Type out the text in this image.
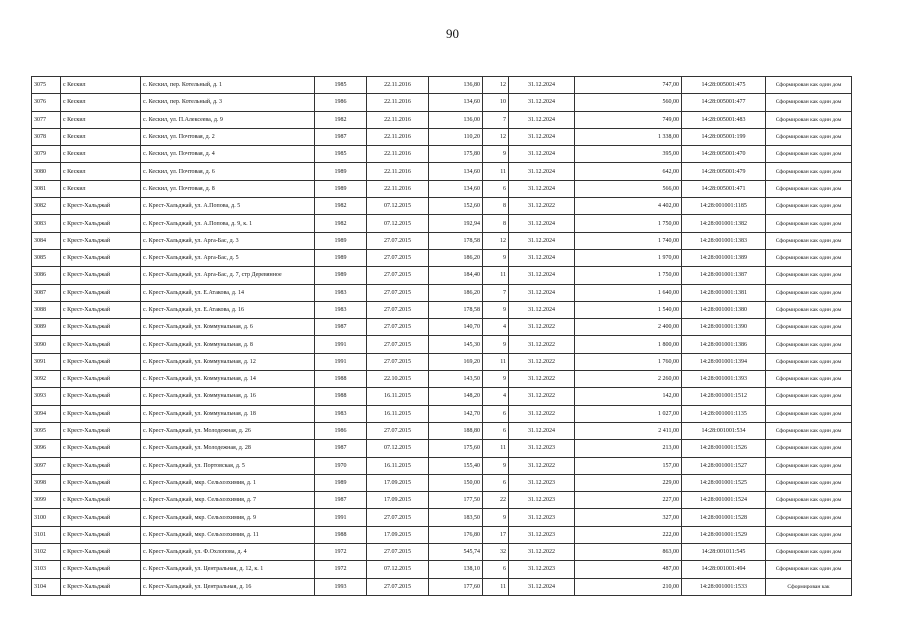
90
3075	с Кескил	с. Кескил, пер. Котельный, д. 1	1985	22.11.2016	136,80	12	31.12.2024	747,00	14:28:005001:475	Сформирован как один дом
3076	с Кескил	с. Кескил, пер. Котельный, д. 3	1986	22.11.2016	134,60	10	31.12.2024	560,00	14:28:005001:477	Сформирован как один дом
3077	с Кескил	с. Кескил, ул. П.Алексеева, д. 9	1982	22.11.2016	136,00	7	31.12.2024	749,00	14:28:005001:483	Сформирован как один дом
3078	с Кескил	с. Кескил, ул. Почтовая, д. 2	1987	22.11.2016	110,20	12	31.12.2024	1 338,00	14:28:005001:199	Сформирован как один дом
3079	с Кескил	с. Кескил, ул. Почтовая, д. 4	1985	22.11.2016	175,80	9	31.12.2024	395,00	14:28:005001:470	Сформирован как один дом
3080	с Кескил	с. Кескил, ул. Почтовая, д. 6	1989	22.11.2016	134,60	11	31.12.2024	642,00	14:28:005001:479	Сформирован как один дом
3081	с Кескил	с. Кескил, ул. Почтовая, д. 8	1989	22.11.2016	134,60	6	31.12.2024	566,00	14:28:005001:471	Сформирован как один дом
3082	с Крест-Хальджай	с. Крест-Хальджай, ул. А.Попова, д. 5	1982	07.12.2015	152,60	8	31.12.2022	4 402,00	14:28:001001:1185	Сформирован как один дом
3083	с Крест-Хальджай	с. Крест-Хальджай, ул. А.Попова, д. 9, к. 1	1982	07.12.2015	192,94	8	31.12.2024	1 750,00	14:28:001001:1382	Сформирован как один дом
3084	с Крест-Хальджай	с. Крест-Хальджай, ул. Арга-Бас, д. 3	1989	27.07.2015	178,58	12	31.12.2024	1 740,00	14:28:001001:1383	Сформирован как один дом
3085	с Крест-Хальджай	с. Крест-Хальджай, ул. Арга-Бас, д. 5	1989	27.07.2015	186,20	9	31.12.2024	1 970,00	14:28:001001:1389	Сформирован как один дом
3086	с Крест-Хальджай	с. Крест-Хальджай, ул. Арга-Бас, д. 7, стр Деревянное	1989	27.07.2015	184,40	11	31.12.2024	1 750,00	14:28:001001:1387	Сформирован как один дом
3087	с Крест-Хальджай	с. Крест-Хальджай, ул. Е.Атакова, д. 14	1983	27.07.2015	186,20	7	31.12.2024	1 640,00	14:28:001001:1381	Сформирован как один дом
3088	с Крест-Хальджай	с. Крест-Хальджай, ул. Е.Атакова, д. 16	1983	27.07.2015	178,58	9	31.12.2024	1 540,00	14:28:001001:1380	Сформирован как один дом
3089	с Крест-Хальджай	с. Крест-Хальджай, ул. Коммунальная, д. 6	1987	27.07.2015	140,70	4	31.12.2022	2 400,00	14:28:001001:1390	Сформирован как один дом
3090	с Крест-Хальджай	с. Крест-Хальджай, ул. Коммунальная, д. 8	1991	27.07.2015	145,30	9	31.12.2022	1 800,00	14:28:001001:1386	Сформирован как один дом
3091	с Крест-Хальджай	с. Крест-Хальджай, ул. Коммунальная, д. 12	1991	27.07.2015	169,20	11	31.12.2022	1 760,00	14:28:001001:1394	Сформирован как один дом
3092	с Крест-Хальджай	с. Крест-Хальджай, ул. Коммунальная, д. 14	1988	22.10.2015	143,50	9	31.12.2022	2 260,00	14:28:001001:1393	Сформирован как один дом
3093	с Крест-Хальджай	с. Крест-Хальджай, ул. Коммунальная, д. 16	1988	16.11.2015	148,20	4	31.12.2022	142,00	14:28:001001:1512	Сформирован как один дом
3094	с Крест-Хальджай	с. Крест-Хальджай, ул. Коммунальная, д. 18	1983	16.11.2015	142,70	6	31.12.2022	1 027,00	14:28:001001:1135	Сформирован как один дом
3095	с Крест-Хальджай	с. Крест-Хальджай, ул. Молодежная, д. 26	1986	27.07.2015	188,80	6	31.12.2024	2 411,00	14:28:001001:534	Сформирован как один дом
3096	с Крест-Хальджай	с. Крест-Хальджай, ул. Молодежная, д. 28	1987	07.12.2015	175,60	11	31.12.2023	213,00	14:28:001001:1526	Сформирован как один дом
3097	с Крест-Хальджай	с. Крест-Хальджай, ул. Портовская, д. 5	1970	16.11.2015	155,40	9	31.12.2022	157,00	14:28:001001:1527	Сформирован как один дом
3098	с Крест-Хальджай	с. Крест-Хальджай, мкр. Сельхозхимия, д. 1	1989	17.09.2015	150,00	6	31.12.2023	229,00	14:28:001001:1525	Сформирован как один дом
3099	с Крест-Хальджай	с. Крест-Хальджай, мкр. Сельхозхимия, д. 7	1987	17.09.2015	177,50	22	31.12.2023	227,00	14:28:001001:1524	Сформирован как один дом
3100	с Крест-Хальджай	с. Крест-Хальджай, мкр. Сельхозхимия, д. 9	1991	27.07.2015	183,50	9	31.12.2023	327,00	14:28:001001:1528	Сформирован как один дом
3101	с Крест-Хальджай	с. Крест-Хальджай, мкр. Сельхозхимия, д. 11	1988	17.09.2015	176,80	17	31.12.2023	222,00	14:28:001001:1529	Сформирован как один дом
3102	с Крест-Хальджай	с. Крест-Хальджай, ул. Ф.Охлопова, д. 4	1972	27.07.2015	545,74	32	31.12.2022	863,00	14:28:001011:545	Сформирован как один дом
3103	с Крест-Хальджай	с. Крест-Хальджай, ул. Центральная, д. 12, к. 1	1972	07.12.2015	138,10	6	31.12.2023	487,00	14:28:001001:494	Сформирован как один дом
3104	с Крест-Хальджай	с. Крест-Хальджай, ул. Центральная, д. 16	1993	27.07.2015	177,60	11	31.12.2024	210,00	14:28:001001:1533	Сформирован как
